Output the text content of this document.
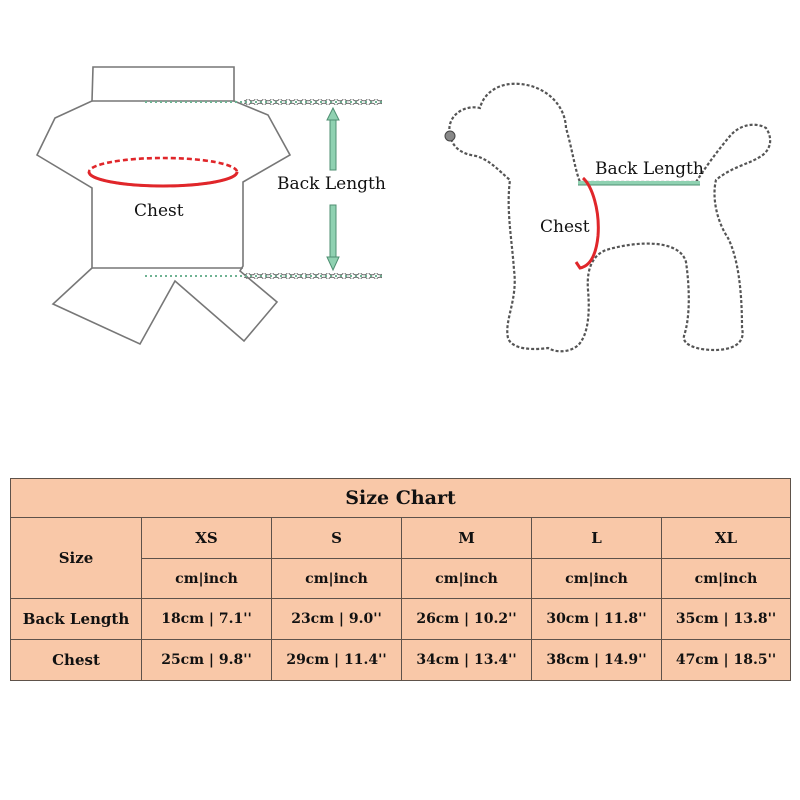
Chest
Back Length
Back Length
Chest
Size Chart					
Size	XS	S	M	L	XL
	cm|inch	cm|inch	cm|inch	cm|inch	cm|inch
Back Length	18cm | 7.1''	23cm | 9.0''	26cm | 10.2''	30cm | 11.8''	35cm | 13.8''
Chest	25cm | 9.8''	29cm | 11.4''	34cm | 13.4''	38cm | 14.9''	47cm | 18.5''
